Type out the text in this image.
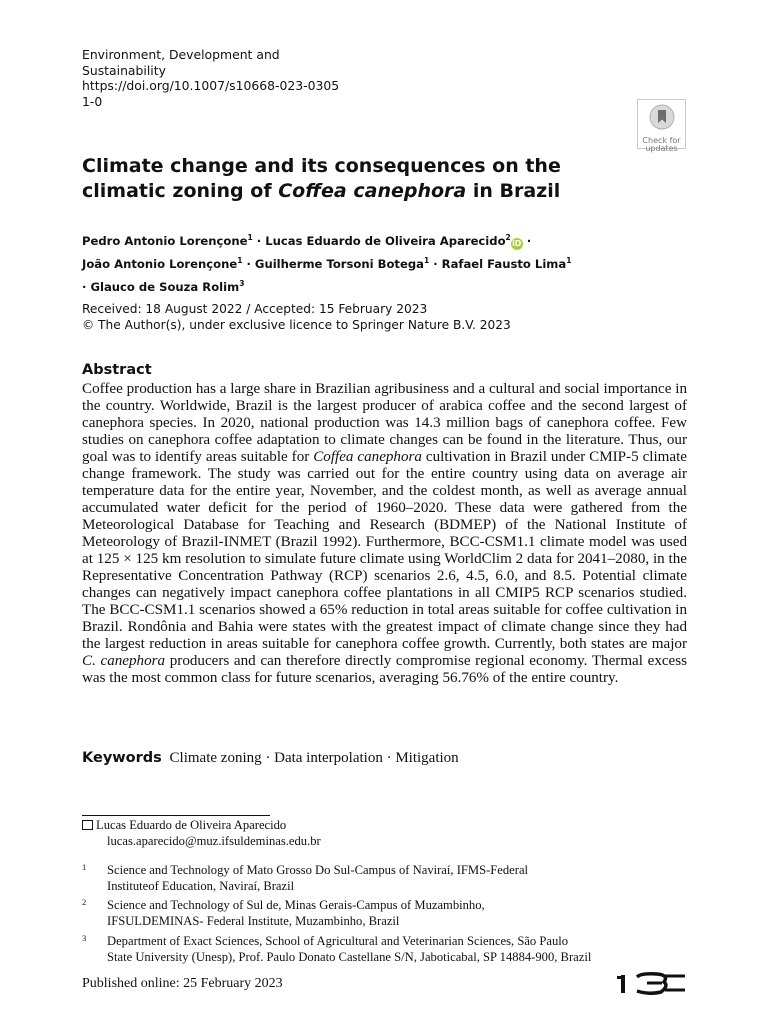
Environment, Development and Sustainability
https://doi.org/10.1007/s10668-023-03051-0
Check for
updates
Climate change and its consequences on the climatic zoning of Coffea canephora in Brazil
Pedro Antonio Lorençone$^1$ · Lucas Eduardo de Oliveira Aparecido$^2$iD ·
João Antonio Lorençone$^1$ · Guilherme Torsoni Botega$^1$ · Rafael Fausto Lima$^1$
· Glauco de Souza Rolim$^3$
Received: 18 August 2022 / Accepted: 15 February 2023
© The Author(s), under exclusive licence to Springer Nature B.V. 2023
Abstract
Coffee production has a large share in Brazilian agribusiness and a cultural and social importance in the country. Worldwide, Brazil is the largest producer of arabica coffee and the second largest of canephora species. In 2020, national production was 14.3 million bags of canephora coffee. Few studies on canephora coffee adaptation to climate changes can be found in the literature. Thus, our goal was to identify areas suitable for Coffea canephora cultivation in Brazil under CMIP-5 climate change framework. The study was carried out for the entire country using data on average air temperature data for the entire year, November, and the coldest month, as well as average annual accumulated water deficit for the period of 1960–2020. These data were gathered from the Meteorological Database for Teaching and Research (BDMEP) of the National Institute of Meteorology of Brazil-INMET (Brazil 1992). Furthermore, BCC-CSM1.1 climate model was used at 125 × 125 km resolution to simulate future climate using WorldClim 2 data for 2041–2080, in the Representative Concentration Pathway (RCP) scenarios 2.6, 4.5, 6.0, and 8.5. Potential climate changes can negatively impact canephora coffee plantations in all CMIP5 RCP scenarios studied. The BCC-CSM1.1 scenarios showed a 65% reduction in total areas suitable for coffee cultivation in Brazil. Rondônia and Bahia were states with the greatest impact of climate change since they had the largest reduction in areas suitable for canephora coffee growth. Currently, both states are major C. canephora producers and can therefore directly compromise regional economy. Thermal excess was the most common class for future scenarios, averaging 56.76% of the entire country.
Keywords Climate zoning · Data interpolation · Mitigation
Lucas Eduardo de Oliveira Aparecido
lucas.aparecido@muz.ifsuldeminas.edu.br
1 Science and Technology of Mato Grosso Do Sul-Campus of Naviraí, IFMS-Federal
Instituteof Education, Naviraí, Brazil
2 Science and Technology of Sul de, Minas Gerais-Campus of Muzambinho,
IFSULDEMINAS- Federal Institute, Muzambinho, Brazil
3 Department of Exact Sciences, School of Agricultural and Veterinarian Sciences, São Paulo
State University (Unesp), Prof. Paulo Donato Castellane S/N, Jaboticabal, SP 14884-900, Brazil
Published online: 25 February 2023
